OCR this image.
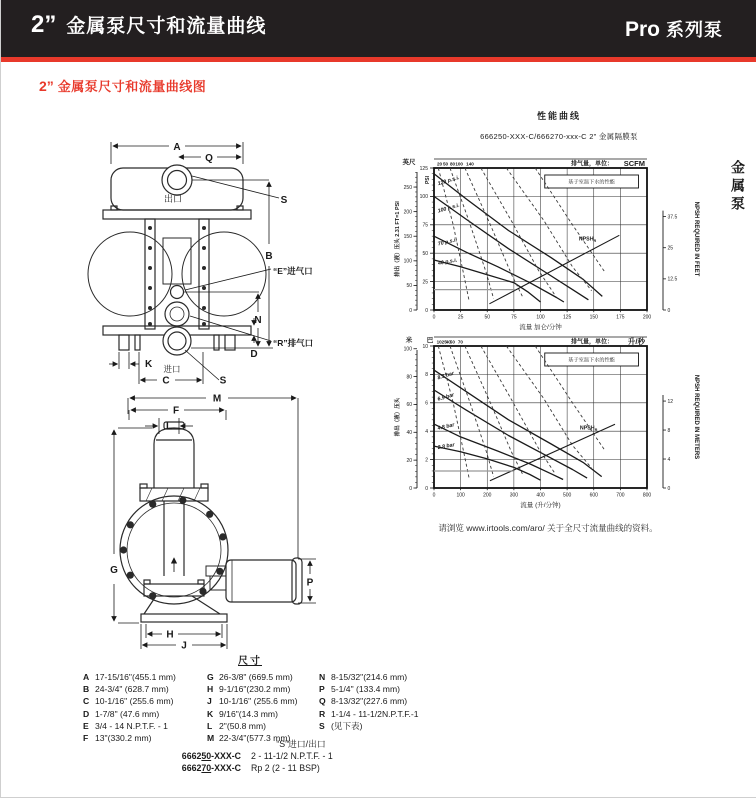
2” 金属泵尺寸和流量曲线	Pro 系列泵
金属泵
2” 金属泵尺寸和流量曲线图
A
Q
S
B
N
D
K
C	S
出口
进口
“E”进气口
“R”排气口
M
F
L
G
H
J
P
性能曲线
666250-XXX-C/666270-xxx-C 2” 金属隔膜泵
20 50 80 100 140	排气量，单位： SCFM
0	25	50	75	100	125	150	175	200
流量 加仑/分钟
0
25
50
75
100
125
0
50
100
150
200
250
英尺
PSI
0
12.5
25
37.5	NPSH REQUIRED IN FEET
排出（液）压头 2.31 FT=1 PSI
基于室温下水的性能
120 p.s.i.
100 p.s.i.
70 p.s.i.
40 p.s.i.
$NPSH_R$
10 25
40
50 70	排气量，单位： 升/秒
0	100	200	300	400	500	600	700	800
流量 (升/分钟)
0
2
4
6
8
10
0
20
40
60
80
100
米 巴
0
4
8
12	NPSH REQUIRED IN METERS
排出（液）压头
基于室温下水的性能
8.3 bar
6.9 bar
4.8 bar
2.8 bar
$NPSH_R$
请浏览 www.irtools.com/aro/ 关于全尺寸流量曲线的资料。
尺寸
A 17-15/16"(455.1 mm)
B 24-3/4" (628.7 mm)
C 10-1/16" (255.6 mm)
D 1-7/8" (47.6 mm)
E 3/4 - 14 N.P.T.F. - 1
F 13"(330.2 mm)
G 26-3/8" (669.5 mm)
H 9-1/16"(230.2 mm)
J 10-1/16" (255.6 mm)
K 9/16"(14.3 mm)
L 2"(50.8 mm)
M 22-3/4"(577.3 mm)
N 8-15/32"(214.6 mm)
P 5-1/4" (133.4 mm)
Q 8-13/32"(227.6 mm)
R 1-1/4 - 11-1/2N.P.T.F.-1
S (见下表)
“S”进口/出口
666250-XXX-C 2 - 11-1/2 N.P.T.F. - 1
666270-XXX-C Rp 2 (2 - 11 BSP)
